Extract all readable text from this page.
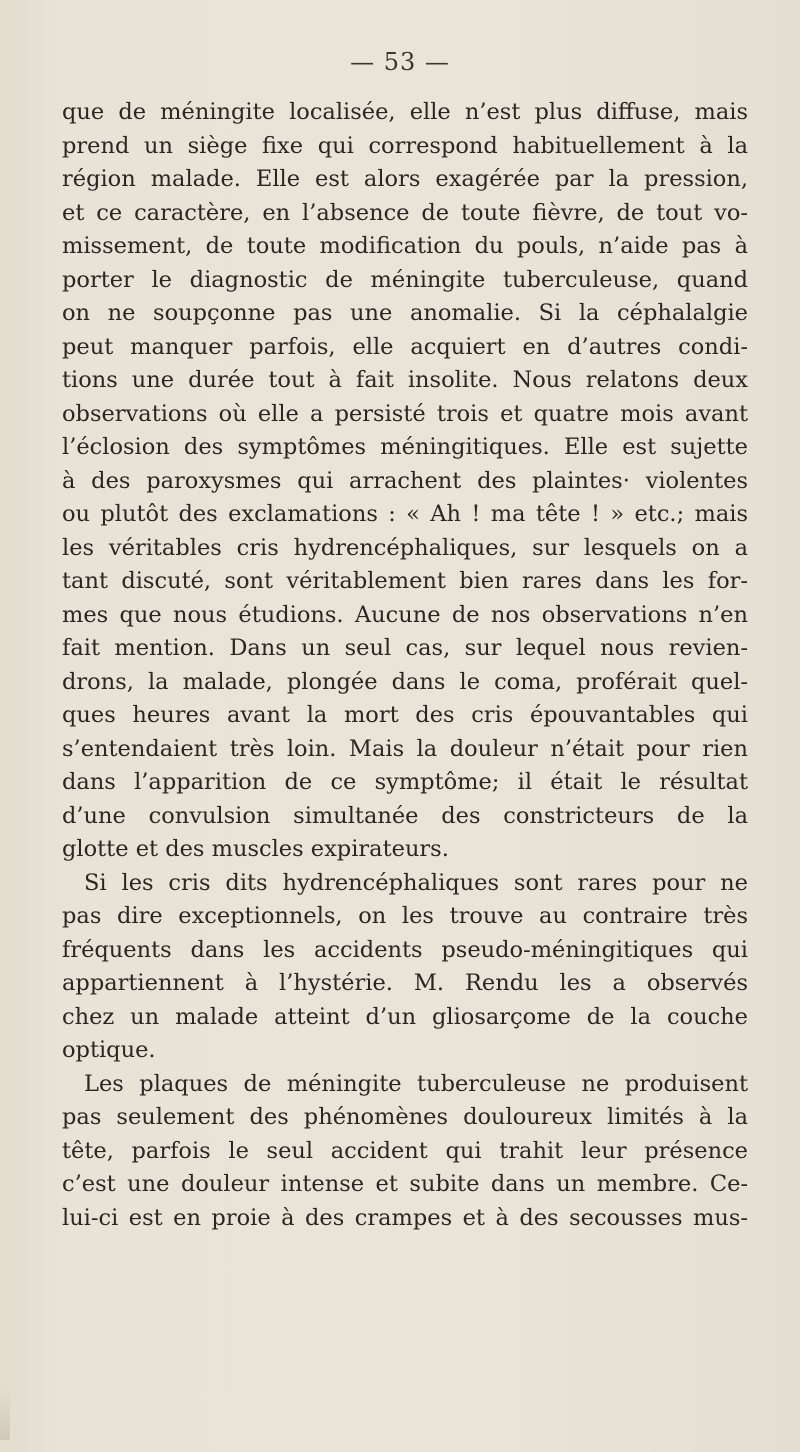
— 53 —
que de méningite localisée, elle n’est plus diffuse, mais
prend un siège fixe qui correspond habituellement à la
région malade. Elle est alors exagérée par la pression,
et ce caractère, en l’absence de toute fièvre, de tout vo-
missement, de toute modification du pouls, n’aide pas à
porter le diagnostic de méningite tuberculeuse, quand
on ne soupçonne pas une anomalie. Si la céphalalgie
peut manquer parfois, elle acquiert en d’autres condi-
tions une durée tout à fait insolite. Nous relatons deux
observations où elle a persisté trois et quatre mois avant
l’éclosion des symptômes méningitiques. Elle est sujette
à des paroxysmes qui arrachent des plaintes· violentes
ou plutôt des exclamations : « Ah ! ma tête ! » etc.; mais
les véritables cris hydrencéphaliques, sur lesquels on a
tant discuté, sont véritablement bien rares dans les for-
mes que nous étudions. Aucune de nos observations n’en
fait mention. Dans un seul cas, sur lequel nous revien-
drons, la malade, plongée dans le coma, proférait quel-
ques heures avant la mort des cris épouvantables qui
s’entendaient très loin. Mais la douleur n’était pour rien
dans l’apparition de ce symptôme; il était le résultat
d’une convulsion simultanée des constricteurs de la
glotte et des muscles expirateurs.
Si les cris dits hydrencéphaliques sont rares pour ne
pas dire exceptionnels, on les trouve au contraire très
fréquents dans les accidents pseudo-méningitiques qui
appartiennent à l’hystérie. M. Rendu les a observés
chez un malade atteint d’un gliosarçome de la couche
optique.
Les plaques de méningite tuberculeuse ne produisent
pas seulement des phénomènes douloureux limités à la
tête, parfois le seul accident qui trahit leur présence
c’est une douleur intense et subite dans un membre. Ce-
lui-ci est en proie à des crampes et à des secousses mus-
